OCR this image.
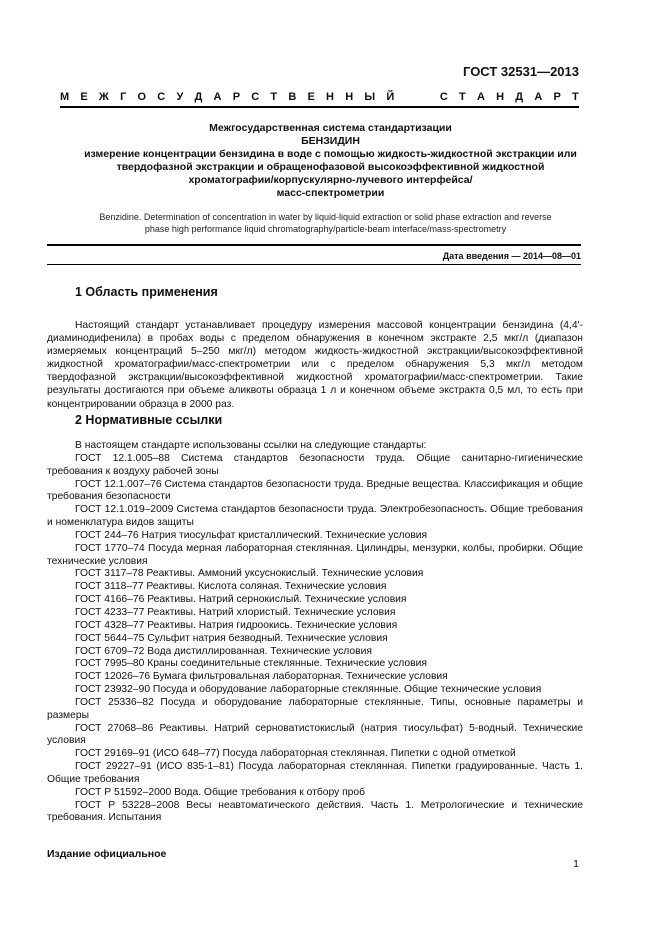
ГОСТ 32531—2013
М Е Ж Г О С У Д А Р С Т В Е Н Н Ы Й	С Т А Н Д А Р Т
Межгосударственная система стандартизации
БЕНЗИДИН
измерение концентрации бензидина в воде с помощью жидкость-жидкостной экстракции или
твердофазной экстракции и обращенофазовой высокоэффективной жидкостной
хроматографии/корпускулярно-лучевого интерфейса/
масс-спектрометрии
Benzidine. Determination of concentration in water by liquid-liquid extraction or solid phase extraction and reverse
phase high performance liquid chromatography/particle-beam interface/mass-spectrometry
Дата введения — 2014—08—01
1 Область применения

Настоящий стандарт устанавливает процедуру измерения массовой концентрации бензидина (4,4'-диаминодифенила) в пробах воды с пределом обнаружения в конечном экстракте 2,5 мкг/л (диапазон измеряемых концентраций 5–250 мкг/л) методом жидкость-жидкостной экстракции/высокоэффективной жидкостной хроматографии/масс-спектрометрии или с пределом обнаружения 5,3 мкг/л методом твердофазной экстракции/высокоэффективной жидкостной хроматографии/масс-спектрометрии. Такие результаты достигаются при объеме аликвоты образца 1 л и конечном объеме экстракта 0,5 мл, то есть при концентрировании образца в 2000 раз.

2 Нормативные ссылки

В настоящем стандарте использованы ссылки на следующие стандарты:

ГОСТ 12.1.005–88 Система стандартов безопасности труда. Общие санитарно-гигиенические требования к воздуху рабочей зоны

ГОСТ 12.1.007–76 Система стандартов безопасности труда. Вредные вещества. Классификация и общие требования безопасности

ГОСТ 12.1.019–2009 Система стандартов безопасности труда. Электробезопасность. Общие требования и номенклатура видов защиты

ГОСТ 244–76 Натрия тиосульфат кристаллический. Технические условия

ГОСТ 1770–74 Посуда мерная лабораторная стеклянная. Цилиндры, мензурки, колбы, пробирки. Общие технические условия

ГОСТ 3117–78 Реактивы. Аммоний уксуснокислый. Технические условия

ГОСТ 3118–77 Реактивы. Кислота соляная. Технические условия

ГОСТ 4166–76 Реактивы. Натрий сернокислый. Технические условия

ГОСТ 4233–77 Реактивы. Натрий хлористый. Технические условия

ГОСТ 4328–77 Реактивы. Натрия гидроокись. Технические условия

ГОСТ 5644–75 Сульфит натрия безводный. Технические условия

ГОСТ 6709–72 Вода дистиллированная. Технические условия

ГОСТ 7995–80 Краны соединительные стеклянные. Технические условия

ГОСТ 12026–76 Бумага фильтровальная лабораторная. Технические условия

ГОСТ 23932–90 Посуда и оборудование лабораторные стеклянные. Общие технические условия

ГОСТ 25336–82 Посуда и оборудование лабораторные стеклянные. Типы, основные параметры и размеры

ГОСТ 27068–86 Реактивы. Натрий серноватистокислый (натрия тиосульфат) 5-водный. Технические условия

ГОСТ 29169–91 (ИСО 648–77) Посуда лабораторная стеклянная. Пипетки с одной отметкой

ГОСТ 29227–91 (ИСО 835-1–81) Посуда лабораторная стеклянная. Пипетки градуированные. Часть 1. Общие требования

ГОСТ Р 51592–2000 Вода. Общие требования к отбору проб

ГОСТ Р 53228–2008 Весы неавтоматического действия. Часть 1. Метрологические и технические требования. Испытания

Издание официальное
1
